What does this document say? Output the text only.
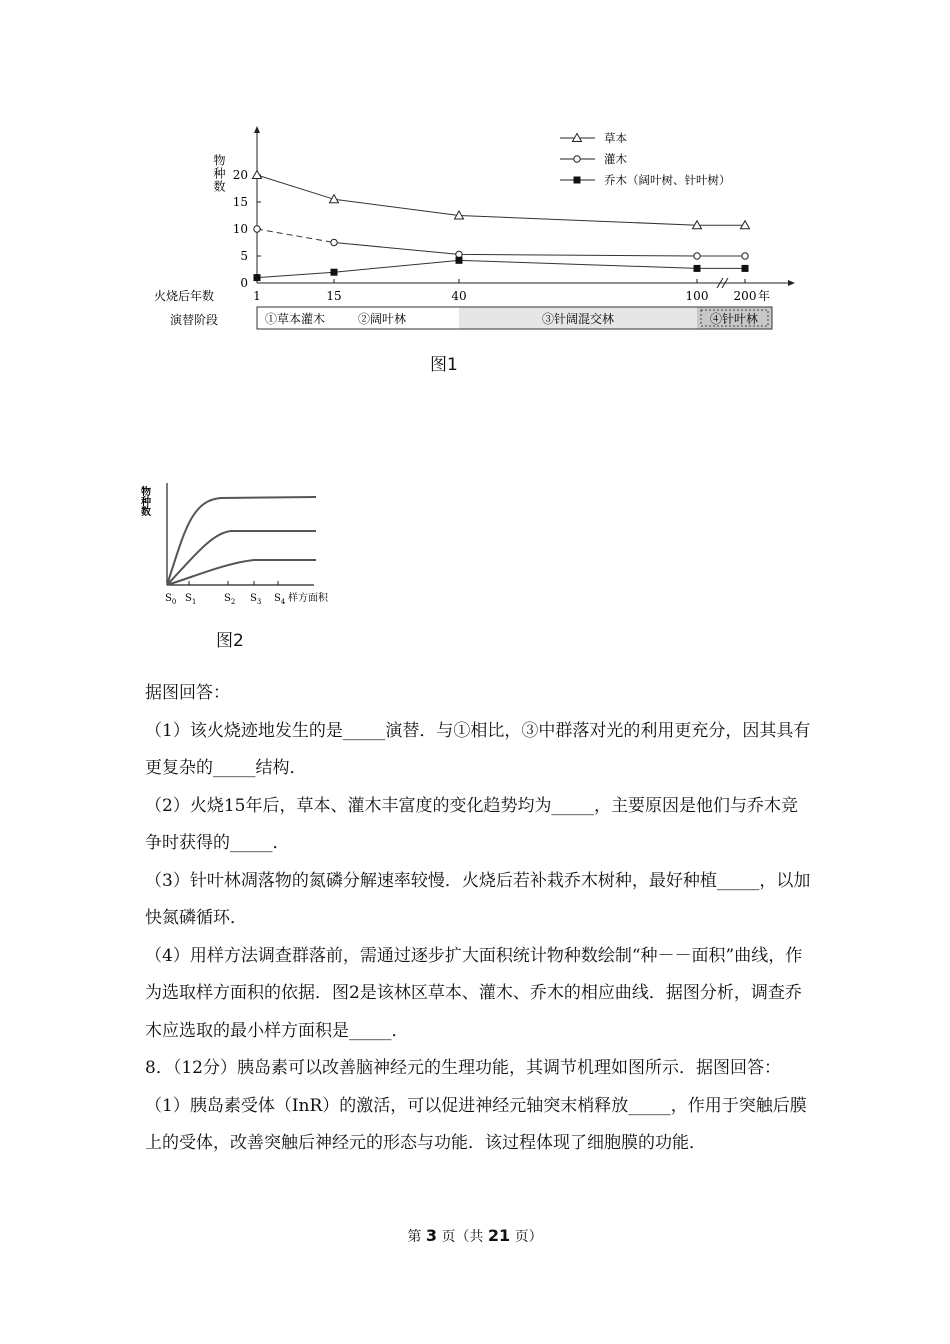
物种数
0
5
10
15
20
1	15	40	100 200 年
火烧后年数
草本
灌木
乔木（阔叶树、针叶树）
演替阶段	①草本灌木	②阔叶林	③针阔混交林	④针叶林
图1
物种数
$S_0$ $S_1$	$S_2$ $S_3$ $S_4$ 样方面积
图2

据图回答：

（1）该火烧迹地发生的是_____演替．与①相比，③中群落对光的利用更充分，因其具有更复杂的_____结构．

（2）火烧15年后，草本、灌木丰富度的变化趋势均为_____，主要原因是他们与乔木竞争时获得的_____．

（3）针叶林凋落物的氮磷分解速率较慢．火烧后若补栽乔木树种，最好种植_____，以加快氮磷循环．

（4）用样方法调查群落前，需通过逐步扩大面积统计物种数绘制“种－－面积”曲线，作为选取样方面积的依据．图2是该林区草本、灌木、乔木的相应曲线．据图分析，调查乔木应选取的最小样方面积是_____．

8．（12分）胰岛素可以改善脑神经元的生理功能，其调节机理如图所示．据图回答：

（1）胰岛素受体（InR）的激活，可以促进神经元轴突末梢释放_____，作用于突触后膜上的受体，改善突触后神经元的形态与功能．该过程体现了细胞膜的功能．

第 3 页（共 21 页）
